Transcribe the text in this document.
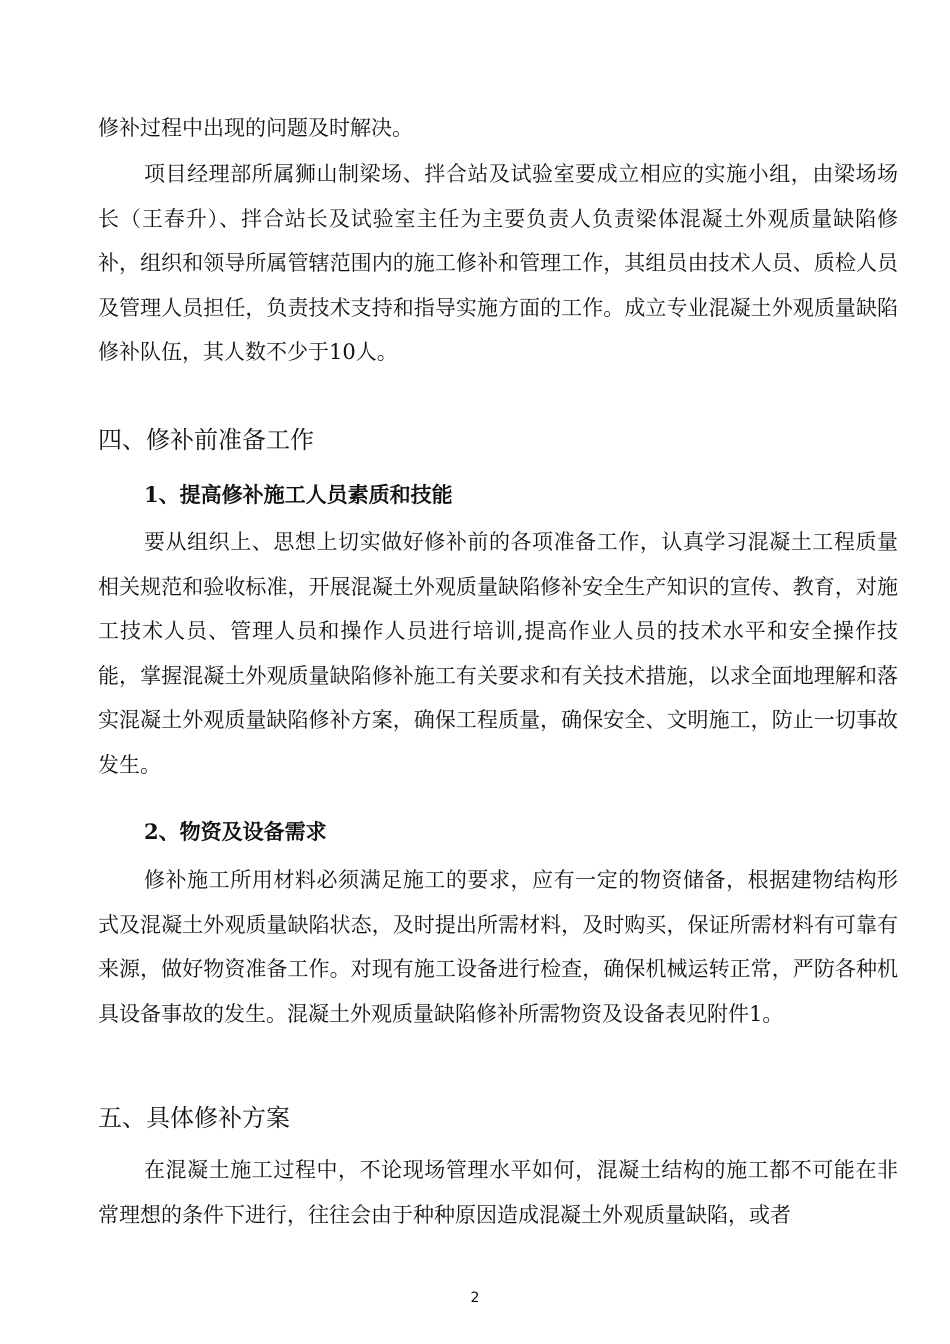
修补过程中出现的问题及时解决。

项目经理部所属狮山制梁场、拌合站及试验室要成立相应的实施小组，由梁场场长（王春升）、拌合站长及试验室主任为主要负责人负责梁体混凝土外观质量缺陷修补，组织和领导所属管辖范围内的施工修补和管理工作，其组员由技术人员、质检人员及管理人员担任，负责技术支持和指导实施方面的工作。成立专业混凝土外观质量缺陷修补队伍，其人数不少于10人。

四、修补前准备工作
1、提高修补施工人员素质和技能

要从组织上、思想上切实做好修补前的各项准备工作，认真学习混凝土工程质量相关规范和验收标准，开展混凝土外观质量缺陷修补安全生产知识的宣传、教育，对施工技术人员、管理人员和操作人员进行培训,提高作业人员的技术水平和安全操作技能，掌握混凝土外观质量缺陷修补施工有关要求和有关技术措施，以求全面地理解和落实混凝土外观质量缺陷修补方案，确保工程质量，确保安全、文明施工，防止一切事故发生。

2、物资及设备需求

修补施工所用材料必须满足施工的要求，应有一定的物资储备，根据建物结构形式及混凝土外观质量缺陷状态，及时提出所需材料，及时购买，保证所需材料有可靠有来源，做好物资准备工作。对现有施工设备进行检查，确保机械运转正常，严防各种机具设备事故的发生。混凝土外观质量缺陷修补所需物资及设备表见附件1。

五、具体修补方案

在混凝土施工过程中，不论现场管理水平如何，混凝土结构的施工都不可能在非常理想的条件下进行，往往会由于种种原因造成混凝土外观质量缺陷，或者

2
